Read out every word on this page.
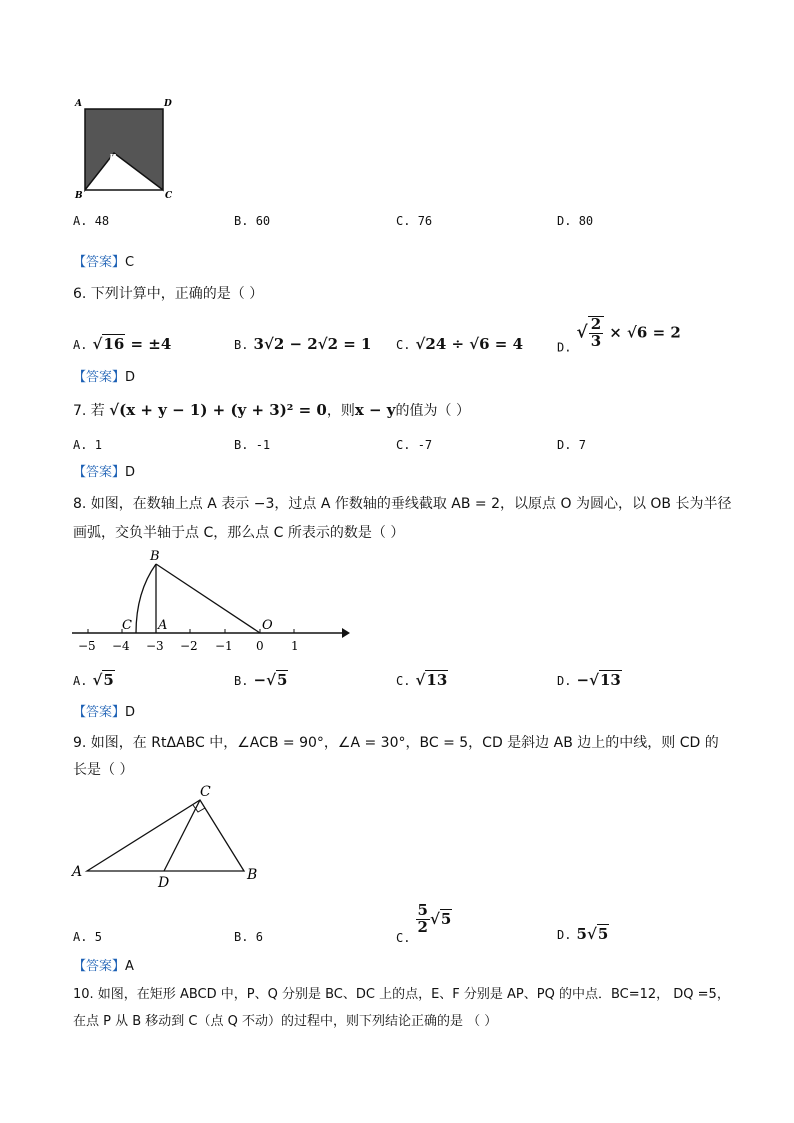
A	D
E
B	C
A. 48	B. 60	C. 76	D. 80
【答案】C
6. 下列计算中，正确的是（ ）
A. √16 = ±4	B. 3√2 − 2√2 = 1 C. √24 ÷ √6 = 4	$_{D.}$ √ $\frac{2}{3} \times √6 = 2$
【答案】D
7. 若 √(x + y − 1) + (y + 3)² = 0，则x − y的值为（ ）
A. 1	B. -1	C. -7	D. 7
【答案】D
8. 如图，在数轴上点 A 表示 −3，过点 A 作数轴的垂线截取 AB = 2，以原点 O 为圆心，以 OB 长为半径
画弧，交负半轴于点 C，那么点 C 所表示的数是（ ）
−5 −4 −3 −2 −1 0 1
B
C A	O
A. √5	B. −√5	C. √13	D. −√13
【答案】D
9. 如图，在 RtΔABC 中，∠ACB = 90°，∠A = 30°，BC = 5，CD 是斜边 AB 边上的中线，则 CD 的
长是（ ）
A	B
C
D
A. 5	B. 6	$_{C.}$
$\frac{5}{2} √5$
D. 5√5
【答案】A
10. 如图，在矩形 ABCD 中，P、Q 分别是 BC、DC 上的点，E、F 分别是 AP、PQ 的中点．BC=12， DQ =5，
在点 P 从 B 移动到 C（点 Q 不动）的过程中，则下列结论正确的是 （ ）
